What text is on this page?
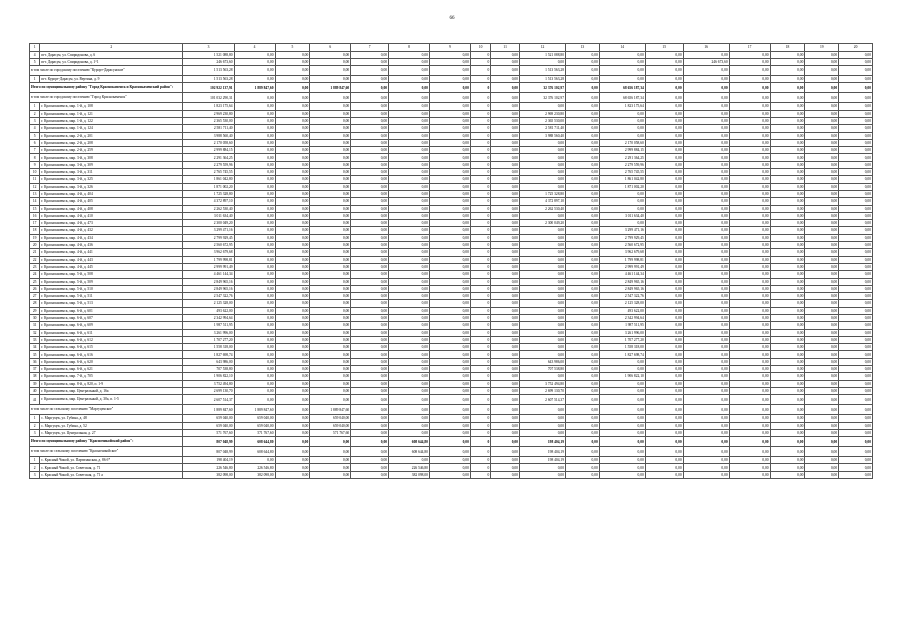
66
1	2	3	4	5	6	7	8	9	10	11	12	13	14	15	16	17	18	19	20
4	пгт. Дарасун, ул. Спиридонова, д. 6	1 521 088,80	0,00	0,00	0,00	0,00	0,00	0,00	0	0,00	1 521 088,80	0,00	0,00	0,00	0,00	0,00	0,00	0,00	0,00
5	пгт. Дарасун, ул. Спиридонова, д. 1^1	246 673,60	0,00	0,00	0,00	0,00	0,00	0,00	0	0,00	0,00	0,00	0,00	0,00	246 673,60	0,00	0,00	0,00	0,00
в том числе по городскому поселению "Курорт-Дарасунское"		1 513 563,28	0,00	0,00	0,00	0,00	0,00	0,00	0	0,00	1 513 563,28	0,00	0,00	0,00	0,00	0,00	0,00	0,00	0,00
1	пгт. Курорт-Дарасун, ул. Вертина, д. 9	1 513 563,28	0,00	0,00	0,00	0,00	0,00	0,00	0	0,00	1 513 563,28	0,00	0,00	0,00	0,00	0,00	0,00	0,00	0,00
Итого по муниципальному району "Город Краснокаменск и Краснокаменский район":		102 922 137,91	1 889 847,60	0,00	1 889 847,60	0,00	0,00	0,00	0	0,00	32 376 102,97	0,00	68 656 187,34	0,00	0,00	0,00	0,00	0,00	0,00
в том числе по городскому поселению "Город Краснокаменск"		101 032 290,31	0,00	0,00	0,00	0,00	0,00	0,00	0	0,00	32 376 102,97	0,00	68 656 187,34	0,00	0,00	0,00	0,00	0,00	0,00
1	г. Краснокаменск, мкр. 1-й, д. 108	1 823 175,64	0,00	0,00	0,00	0,00	0,00	0,00	0	0,00	0,00	0,00	1 823 175,64	0,00	0,00	0,00	0,00	0,00	0,00
2	г. Краснокаменск, мкр. 1-й, д. 121	2 969 230,80	0,00	0,00	0,00	0,00	0,00	0,00	0	0,00	2 969 230,80	0,00	0,00	0,00	0,00	0,00	0,00	0,00	0,00
3	г. Краснокаменск, мкр. 1-й, д. 122	2 365 530,00	0,00	0,00	0,00	0,00	0,00	0,00	0	0,00	2 365 530,00	0,00	0,00	0,00	0,00	0,00	0,00	0,00	0,00
4	г. Краснокаменск, мкр. 1-й, д. 124	2 581 711,40	0,00	0,00	0,00	0,00	0,00	0,00	0	0,00	2 581 711,40	0,00	0,00	0,00	0,00	0,00	0,00	0,00	0,00
5	г. Краснокаменск, мкр. 2-й, д. 201	3 988 560,40	0,00	0,00	0,00	0,00	0,00	0,00	0	0,00	3 988 560,40	0,00	0,00	0,00	0,00	0,00	0,00	0,00	0,00
6	г. Краснокаменск, мкр. 2-й, д. 208	2 170 058,60	0,00	0,00	0,00	0,00	0,00	0,00	0	0,00	0,00	0,00	2 170 058,60	0,00	0,00	0,00	0,00	0,00	0,00
7	г. Краснокаменск, мкр. 2-й, д. 259	2 999 884,15	0,00	0,00	0,00	0,00	0,00	0,00	0	0,00	0,00	0,00	2 999 884,15	0,00	0,00	0,00	0,00	0,00	0,00
8	г. Краснокаменск, мкр. 3-й, д. 308	2 291 364,25	0,00	0,00	0,00	0,00	0,00	0,00	0	0,00	0,00	0,00	2 291 364,25	0,00	0,00	0,00	0,00	0,00	0,00
9	г. Краснокаменск, мкр. 3-й, д. 309	2 279 559,96	0,00	0,00	0,00	0,00	0,00	0,00	0	0,00	0,00	0,00	2 279 559,96	0,00	0,00	0,00	0,00	0,00	0,00
10	г. Краснокаменск, мкр. 3-й, д. 311	2 765 745,55	0,00	0,00	0,00	0,00	0,00	0,00	0	0,00	0,00	0,00	2 765 745,55	0,00	0,00	0,00	0,00	0,00	0,00
11	г. Краснокаменск, мкр. 3-й, д. 325	1 861 042,80	0,00	0,00	0,00	0,00	0,00	0,00	0	0,00	0,00	0,00	1 861 042,80	0,00	0,00	0,00	0,00	0,00	0,00
12	г. Краснокаменск, мкр. 3-й, д. 326	1 871 002,20	0,00	0,00	0,00	0,00	0,00	0,00	0	0,00	0,00	0,00	1 871 002,20	0,00	0,00	0,00	0,00	0,00	0,00
13	г. Краснокаменск, мкр. 4-й, д. 404	1 725 328,80	0,00	0,00	0,00	0,00	0,00	0,00	0	0,00	1 725 328,80	0,00	0,00	0,00	0,00	0,00	0,00	0,00	0,00
14	г. Краснокаменск, мкр. 4-й, д. 405	4 372 897,10	0,00	0,00	0,00	0,00	0,00	0,00	0	0,00	4 372 897,10	0,00	0,00	0,00	0,00	0,00	0,00	0,00	0,00
15	г. Краснокаменск, мкр. 4-й, д. 408	2 262 530,40	0,00	0,00	0,00	0,00	0,00	0,00	0	0,00	2 262 530,40	0,00	0,00	0,00	0,00	0,00	0,00	0,00	0,00
16	г. Краснокаменск, мкр. 4-й, д. 410	3 011 634,40	0,00	0,00	0,00	0,00	0,00	0,00	0	0,00	0,00	0,00	3 011 634,40	0,00	0,00	0,00	0,00	0,00	0,00
17	г. Краснокаменск, мкр. 4-й, д. 473	2 300 049,20	0,00	0,00	0,00	0,00	0,00	0,00	0	0,00	2 300 049,20	0,00	0,00	0,00	0,00	0,00	0,00	0,00	0,00
18	г. Краснокаменск, мкр. 4-й, д. 432	3 299 471,16	0,00	0,00	0,00	0,00	0,00	0,00	0	0,00	0,00	0,00	3 299 471,16	0,00	0,00	0,00	0,00	0,00	0,00
19	г. Краснокаменск, мкр. 4-й, д. 434	2 799 929,45	0,00	0,00	0,00	0,00	0,00	0,00	0	0,00	0,00	0,00	2 799 929,45	0,00	0,00	0,00	0,00	0,00	0,00
20	г. Краснокаменск, мкр. 4-й, д. 436	2 560 672,95	0,00	0,00	0,00	0,00	0,00	0,00	0	0,00	0,00	0,00	2 560 672,95	0,00	0,00	0,00	0,00	0,00	0,00
21	г. Краснокаменск, мкр. 4-й, д. 441	3 962 679,68	0,00	0,00	0,00	0,00	0,00	0,00	0	0,00	0,00	0,00	3 962 679,68	0,00	0,00	0,00	0,00	0,00	0,00
22	г. Краснокаменск, мкр. 4-й, д. 443	1 799 998,81	0,00	0,00	0,00	0,00	0,00	0,00	0	0,00	0,00	0,00	1 799 998,81	0,00	0,00	0,00	0,00	0,00	0,00
23	г. Краснокаменск, мкр. 4-й, д. 445	2 999 991,49	0,00	0,00	0,00	0,00	0,00	0,00	0	0,00	0,00	0,00	2 999 991,49	0,00	0,00	0,00	0,00	0,00	0,00
24	г. Краснокаменск, мкр. 5-й, д. 508	4 461 144,34	0,00	0,00	0,00	0,00	0,00	0,00	0	0,00	0,00	0,00	4 461 144,34	0,00	0,00	0,00	0,00	0,00	0,00
25	г. Краснокаменск, мкр. 5-й, д. 509	2 849 965,16	0,00	0,00	0,00	0,00	0,00	0,00	0	0,00	0,00	0,00	2 849 965,16	0,00	0,00	0,00	0,00	0,00	0,00
26	г. Краснокаменск, мкр. 5-й, д. 510	2 849 965,16	0,00	0,00	0,00	0,00	0,00	0,00	0	0,00	0,00	0,00	2 849 965,16	0,00	0,00	0,00	0,00	0,00	0,00
27	г. Краснокаменск, мкр. 5-й, д. 511	2 547 322,76	0,00	0,00	0,00	0,00	0,00	0,00	0	0,00	0,00	0,00	2 547 322,76	0,00	0,00	0,00	0,00	0,00	0,00
28	г. Краснокаменск, мкр. 5-й, д. 513	2 125 328,00	0,00	0,00	0,00	0,00	0,00	0,00	0	0,00	0,00	0,00	2 125 328,00	0,00	0,00	0,00	0,00	0,00	0,00
29	г. Краснокаменск, мкр. 6-й, д. 601	493 622,00	0,00	0,00	0,00	0,00	0,00	0,00	0	0,00	0,00	0,00	493 622,00	0,00	0,00	0,00	0,00	0,00	0,00
30	г. Краснокаменск, мкр. 6-й, д. 607	2 342 994,64	0,00	0,00	0,00	0,00	0,00	0,00	0	0,00	0,00	0,00	2 342 994,64	0,00	0,00	0,00	0,00	0,00	0,00
31	г. Краснокаменск, мкр. 6-й, д. 609	1 987 511,95	0,00	0,00	0,00	0,00	0,00	0,00	0	0,00	0,00	0,00	1 987 511,95	0,00	0,00	0,00	0,00	0,00	0,00
32	г. Краснокаменск, мкр. 6-й, д. 611	3 261 996,00	0,00	0,00	0,00	0,00	0,00	0,00	0	0,00	0,00	0,00	3 261 996,00	0,00	0,00	0,00	0,00	0,00	0,00
33	г. Краснокаменск, мкр. 6-й, д. 612	1 707 277,20	0,00	0,00	0,00	0,00	0,00	0,00	0	0,00	0,00	0,00	1 707 277,20	0,00	0,00	0,00	0,00	0,00	0,00
34	г. Краснокаменск, мкр. 6-й, д. 615	1 558 318,00	0,00	0,00	0,00	0,00	0,00	0,00	0	0,00	0,00	0,00	1 558 318,00	0,00	0,00	0,00	0,00	0,00	0,00
35	г. Краснокаменск, мкр. 6-й, д. 616	1 827 698,74	0,00	0,00	0,00	0,00	0,00	0,00	0	0,00	0,00	0,00	1 827 698,74	0,00	0,00	0,00	0,00	0,00	0,00
36	г. Краснокаменск, мкр. 6-й, д. 620	643 986,00	0,00	0,00	0,00	0,00	0,00	0,00	0	0,00	643 986,00	0,00	0,00	0,00	0,00	0,00	0,00	0,00	0,00
37	г. Краснокаменск, мкр. 6-й, д. 621	707 538,80	0,00	0,00	0,00	0,00	0,00	0,00	0	0,00	707 538,80	0,00	0,00	0,00	0,00	0,00	0,00	0,00	0,00
38	г. Краснокаменск, мкр. 7-й, д. 705	1 906 822,10	0,00	0,00	0,00	0,00	0,00	0,00	0	0,00	0,00	0,00	1 906 822,10	0,00	0,00	0,00	0,00	0,00	0,00
39	г. Краснокаменск, мкр. 8-й, д. 820, п. 1-9	3 752 494,80	0,00	0,00	0,00	0,00	0,00	0,00	0	0,00	3 752 494,80	0,00	0,00	0,00	0,00	0,00	0,00	0,00	0,00
40	г. Краснокаменск, мкр. Центральный, д. 16а	2 699 130,70	0,00	0,00	0,00	0,00	0,00	0,00	0	0,00	2 699 130,70	0,00	0,00	0,00	0,00	0,00	0,00	0,00	0,00
41	г. Краснокаменск, мкр. Центральный, д. 30а, п. 1-5	2 607 514,37	0,00	0,00	0,00	0,00	0,00	0,00	0	0,00	2 607 514,37	0,00	0,00	0,00	0,00	0,00	0,00	0,00	0,00
в том числе по сельскому поселению "Маргуцекское"		1 889 847,60	1 889 847,60	0,00	1 889 847,60	0,00	0,00	0,00	0	0,00	0,00	0,00	0,00	0,00	0,00	0,00	0,00	0,00	0,00
1	с. Маргуцек, ул. Губина, д. 48	659 040,00	659 040,00	0,00	659 040,00	0,00	0,00	0,00	0	0,00	0,00	0,00	0,00	0,00	0,00	0,00	0,00	0,00	0,00
2	с. Маргуцек, ул. Губина, д. 52	659 040,00	659 040,00	0,00	659 040,00	0,00	0,00	0,00	0	0,00	0,00	0,00	0,00	0,00	0,00	0,00	0,00	0,00	0,00
3	с. Маргуцек, ул. Центральная, д. 27	571 767,60	571 767,60	0,00	571 767,60	0,00	0,00	0,00	0	0,00	0,00	0,00	0,00	0,00	0,00	0,00	0,00	0,00	0,00
Итого по муниципальному району "Красночикойский район":		807 048,99	608 644,80	0,00	0,00	0,00	608 644,80	0,00	0	0,00	198 404,19	0,00	0,00	0,00	0,00	0,00	0,00	0,00	0,00
в том числе по сельскому поселению "Красночикойское"		807 048,99	608 644,80	0,00	0,00	0,00	608 644,80	0,00	0	0,00	198 404,19	0,00	0,00	0,00	0,00	0,00	0,00	0,00	0,00
1	с. Красный Чикой, ул. Партизанская, д. 86 б*	198 404,19	0,00	0,00	0,00	0,00	0,00	0,00	0	0,00	198 404,19	0,00	0,00	0,00	0,00	0,00	0,00	0,00	0,00
2	с. Красный Чикой, ул. Советская, д. 71	226 546,80	226 546,80	0,00	0,00	0,00	226 546,80	0,00	0	0,00	0,00	0,00	0,00	0,00	0,00	0,00	0,00	0,00	0,00
3	с. Красный Чикой, ул. Советская, д. 71 а	382 098,00	382 098,00	0,00	0,00	0,00	382 098,00	0,00	0	0,00	0,00	0,00	0,00	0,00	0,00	0,00	0,00	0,00	0,00
